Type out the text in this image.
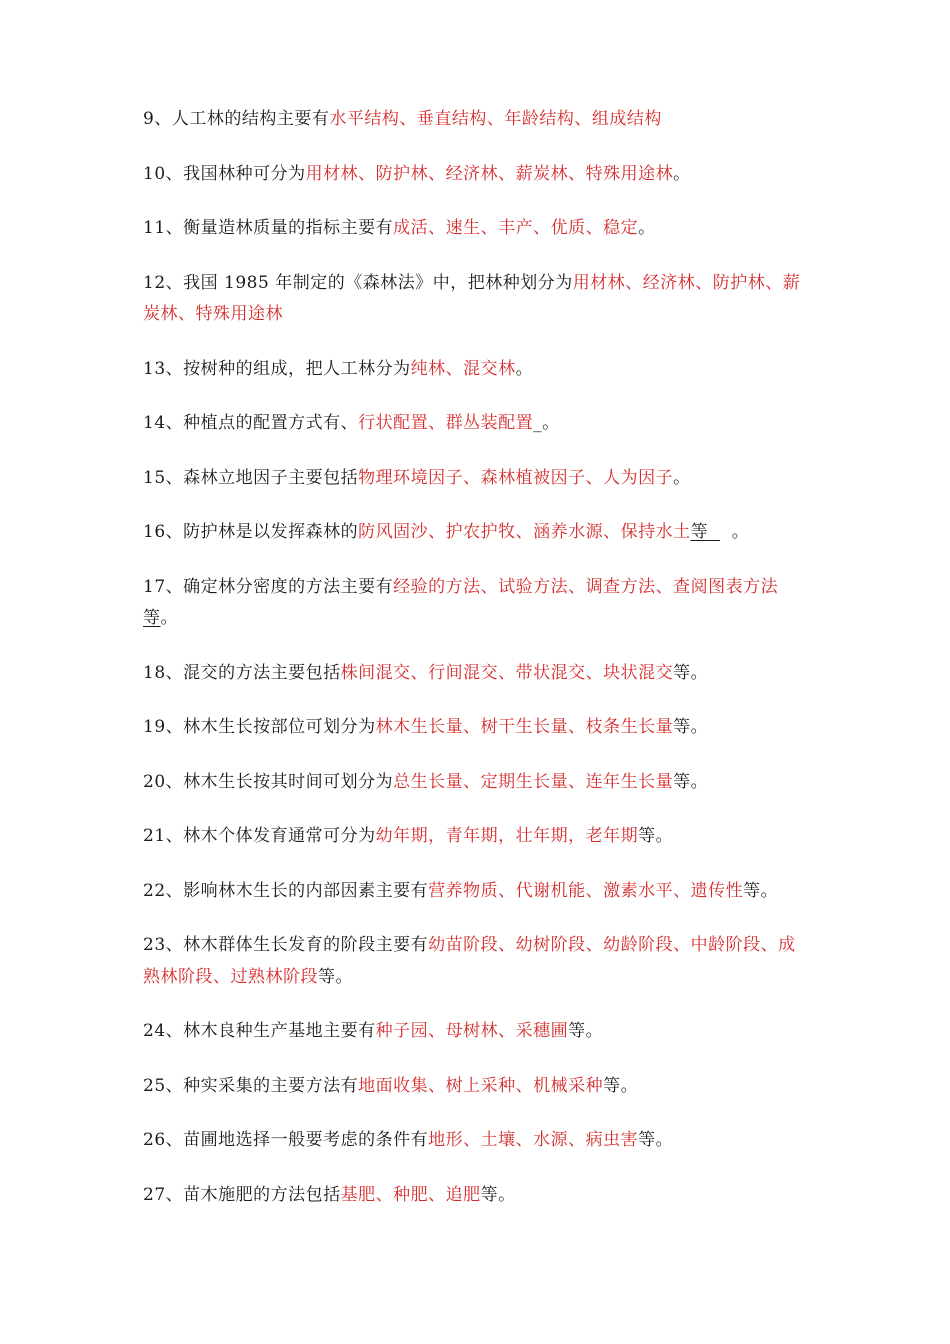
9、人工林的结构主要有水平结构、垂直结构、年龄结构、组成结构

10、我国林种可分为用材林、防护林、经济林、薪炭林、特殊用途林。

11、衡量造林质量的指标主要有成活、速生、丰产、优质、稳定。

12、我国 1985 年制定的《森林法》中，把林种划分为用材林、经济林、防护林、薪炭林、特殊用途林

13、按树种的组成，把人工林分为纯林、混交林。

14、种植点的配置方式有、行状配置、群丛装配置_。

15、森林立地因子主要包括物理环境因子、森林植被因子、人为因子。

16、防护林是以发挥森林的防风固沙、护农护牧、涵养水源、保持水土等 。

17、确定林分密度的方法主要有经验的方法、试验方法、调查方法、查阅图表方法等。

18、混交的方法主要包括株间混交、行间混交、带状混交、块状混交等。

19、林木生长按部位可划分为林木生长量、树干生长量、枝条生长量等。

20、林木生长按其时间可划分为总生长量、定期生长量、连年生长量等。

21、林木个体发育通常可分为幼年期，青年期，壮年期，老年期等。

22、影响林木生长的内部因素主要有营养物质、代谢机能、激素水平、遗传性等。

23、林木群体生长发育的阶段主要有幼苗阶段、幼树阶段、幼龄阶段、中龄阶段、成熟林阶段、过熟林阶段等。

24、林木良种生产基地主要有种子园、母树林、采穗圃等。

25、种实采集的主要方法有地面收集、树上采种、机械采种等。

26、苗圃地选择一般要考虑的条件有地形、土壤、水源、病虫害等。

27、苗木施肥的方法包括基肥、种肥、追肥等。
